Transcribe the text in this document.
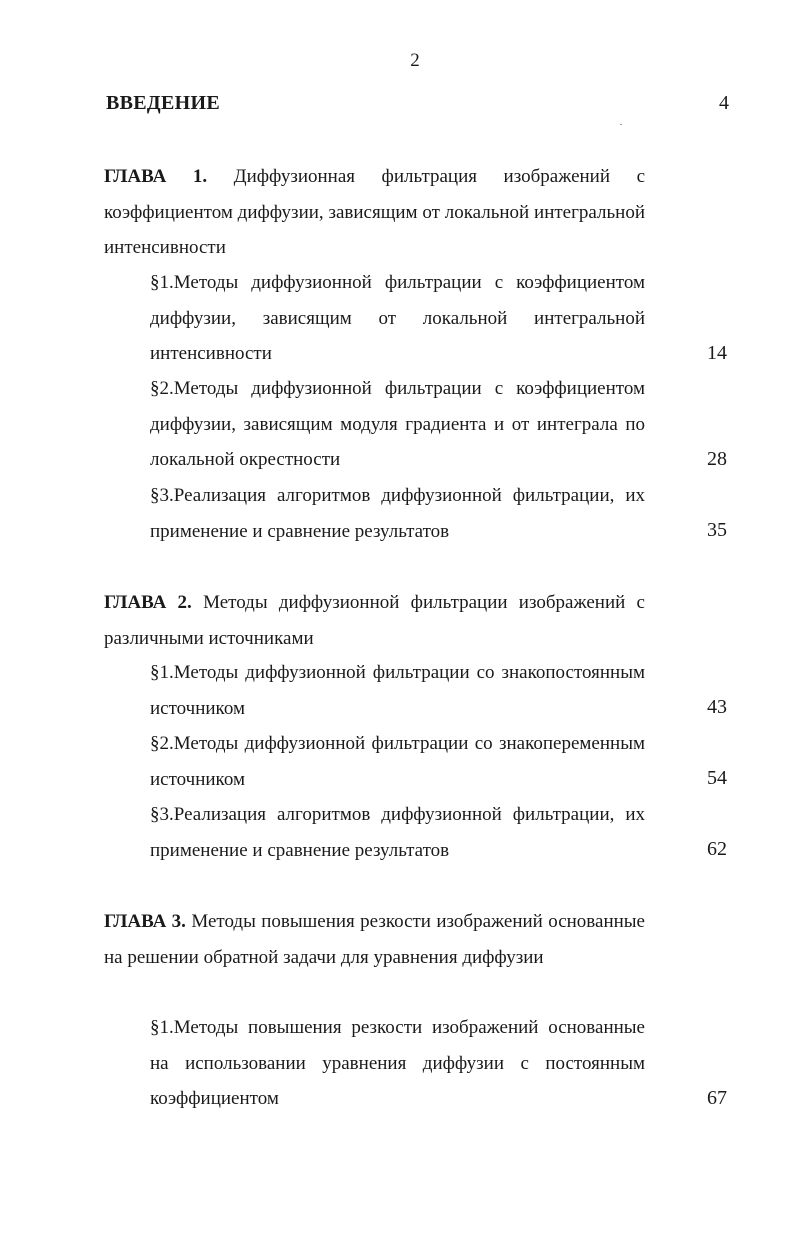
2
ВВЕДЕНИЕ	4
ГЛАВА 1. Диффузионная фильтрация изображений с коэффициентом диффузии, зависящим от локальной интегральной интенсивности
§1.Методы диффузионной фильтрации с коэффициентом диффузии, зависящим от локальной интегральной интенсивности	14
§2.Методы диффузионной фильтрации с коэффициентом диффузии, зависящим модуля градиента и от интеграла по локальной окрестности	28
§3.Реализация алгоритмов диффузионной фильтрации, их применение и сравнение результатов	35
ГЛАВА 2. Методы диффузионной фильтрации изображений с различными источниками
§1.Методы диффузионной фильтрации со знакопостоянным источником	43
§2.Методы диффузионной фильтрации со знакопеременным источником	54
§3.Реализация алгоритмов диффузионной фильтрации, их применение и сравнение результатов	62
ГЛАВА 3. Методы повышения резкости изображений основанные на решении обратной задачи для уравнения диффузии
§1.Методы повышения резкости изображений основанные на использовании уравнения диффузии с постоянным коэффициентом	67
